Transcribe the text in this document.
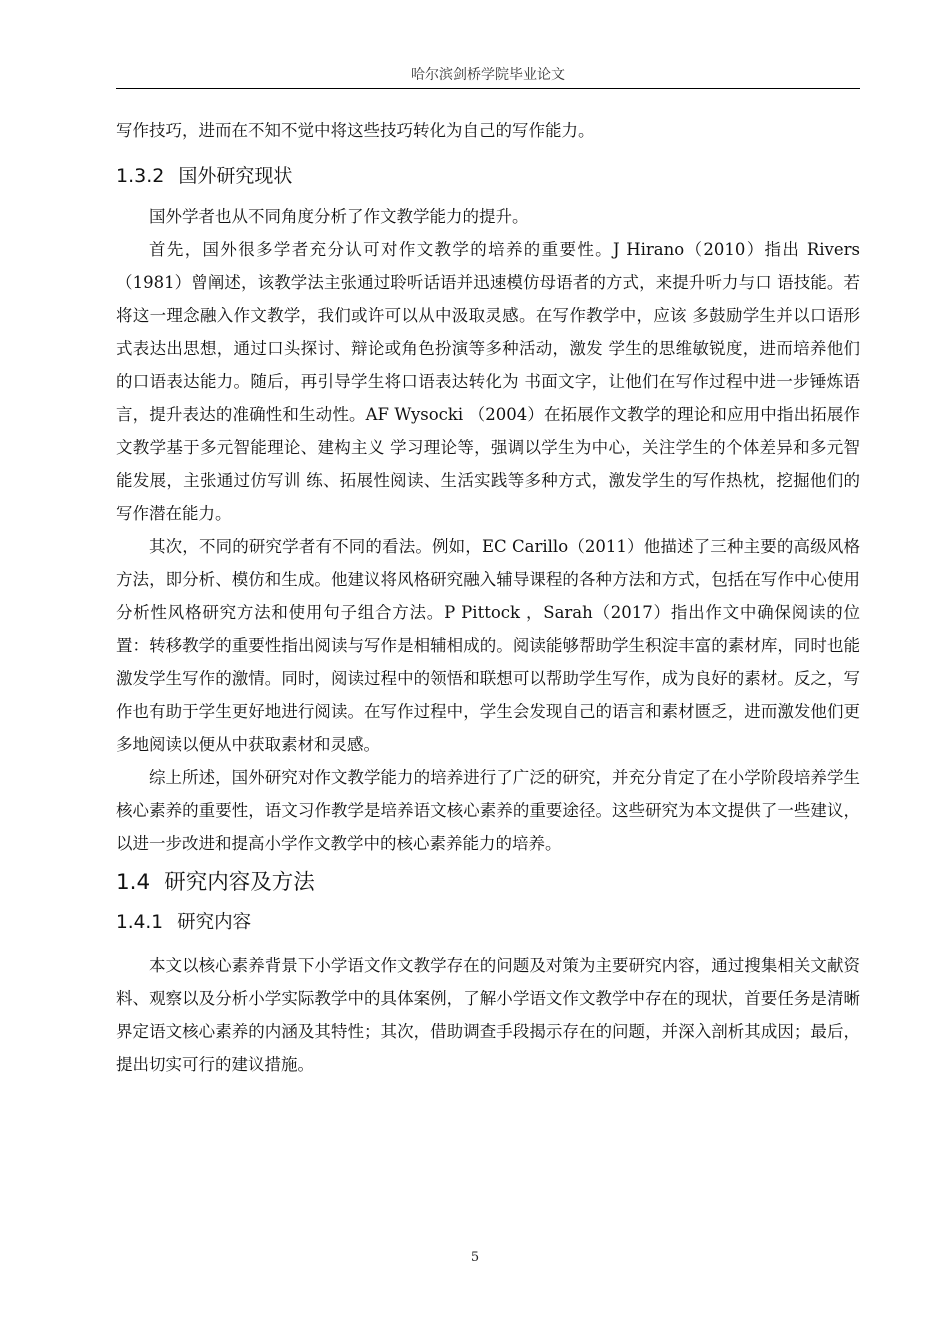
哈尔滨剑桥学院毕业论文

写作技巧，进而在不知不觉中将这些技巧转化为自己的写作能力。

1.3.2 国外研究现状

国外学者也从不同角度分析了作文教学能力的提升。

首先，国外很多学者充分认可对作文教学的培养的重要性。J Hirano（2010）指出 Rivers （1981）曾阐述，该教学法主张通过聆听话语并迅速模仿母语者的方式，来提升听力与口 语技能。若将这一理念融入作文教学，我们或许可以从中汲取灵感。在写作教学中，应该 多鼓励学生并以口语形式表达出思想，通过口头探讨、辩论或角色扮演等多种活动，激发 学生的思维敏锐度，进而培养他们的口语表达能力。随后，再引导学生将口语表达转化为 书面文字，让他们在写作过程中进一步锤炼语言，提升表达的准确性和生动性。AF Wysocki （2004）在拓展作文教学的理论和应用中指出拓展作文教学基于多元智能理论、建构主义 学习理论等，强调以学生为中心，关注学生的个体差异和多元智能发展，主张通过仿写训 练、拓展性阅读、生活实践等多种方式，激发学生的写作热枕，挖掘他们的写作潜在能力。

其次，不同的研究学者有不同的看法。例如，EC Carillo（2011）他描述了三种主要的高级风格方法，即分析、模仿和生成。他建议将风格研究融入辅导课程的各种方法和方式，包括在写作中心使用分析性风格研究方法和使用句子组合方法。P Pittock ，Sarah（2017）指出作文中确保阅读的位置：转移教学的重要性指出阅读与写作是相辅相成的。阅读能够帮助学生积淀丰富的素材库，同时也能激发学生写作的激情。同时，阅读过程中的领悟和联想可以帮助学生写作，成为良好的素材。反之，写作也有助于学生更好地进行阅读。在写作过程中，学生会发现自己的语言和素材匮乏，进而激发他们更多地阅读以便从中获取素材和灵感。

综上所述，国外研究对作文教学能力的培养进行了广泛的研究，并充分肯定了在小学阶段培养学生核心素养的重要性，语文习作教学是培养语文核心素养的重要途径。这些研究为本文提供了一些建议，以进一步改进和提高小学作文教学中的核心素养能力的培养。

1.4 研究内容及方法
1.4.1 研究内容

本文以核心素养背景下小学语文作文教学存在的问题及对策为主要研究内容，通过搜集相关文献资料、观察以及分析小学实际教学中的具体案例，了解小学语文作文教学中存在的现状，首要任务是清晰界定语文核心素养的内涵及其特性；其次，借助调查手段揭示存在的问题，并深入剖析其成因；最后，提出切实可行的建议措施。

5
